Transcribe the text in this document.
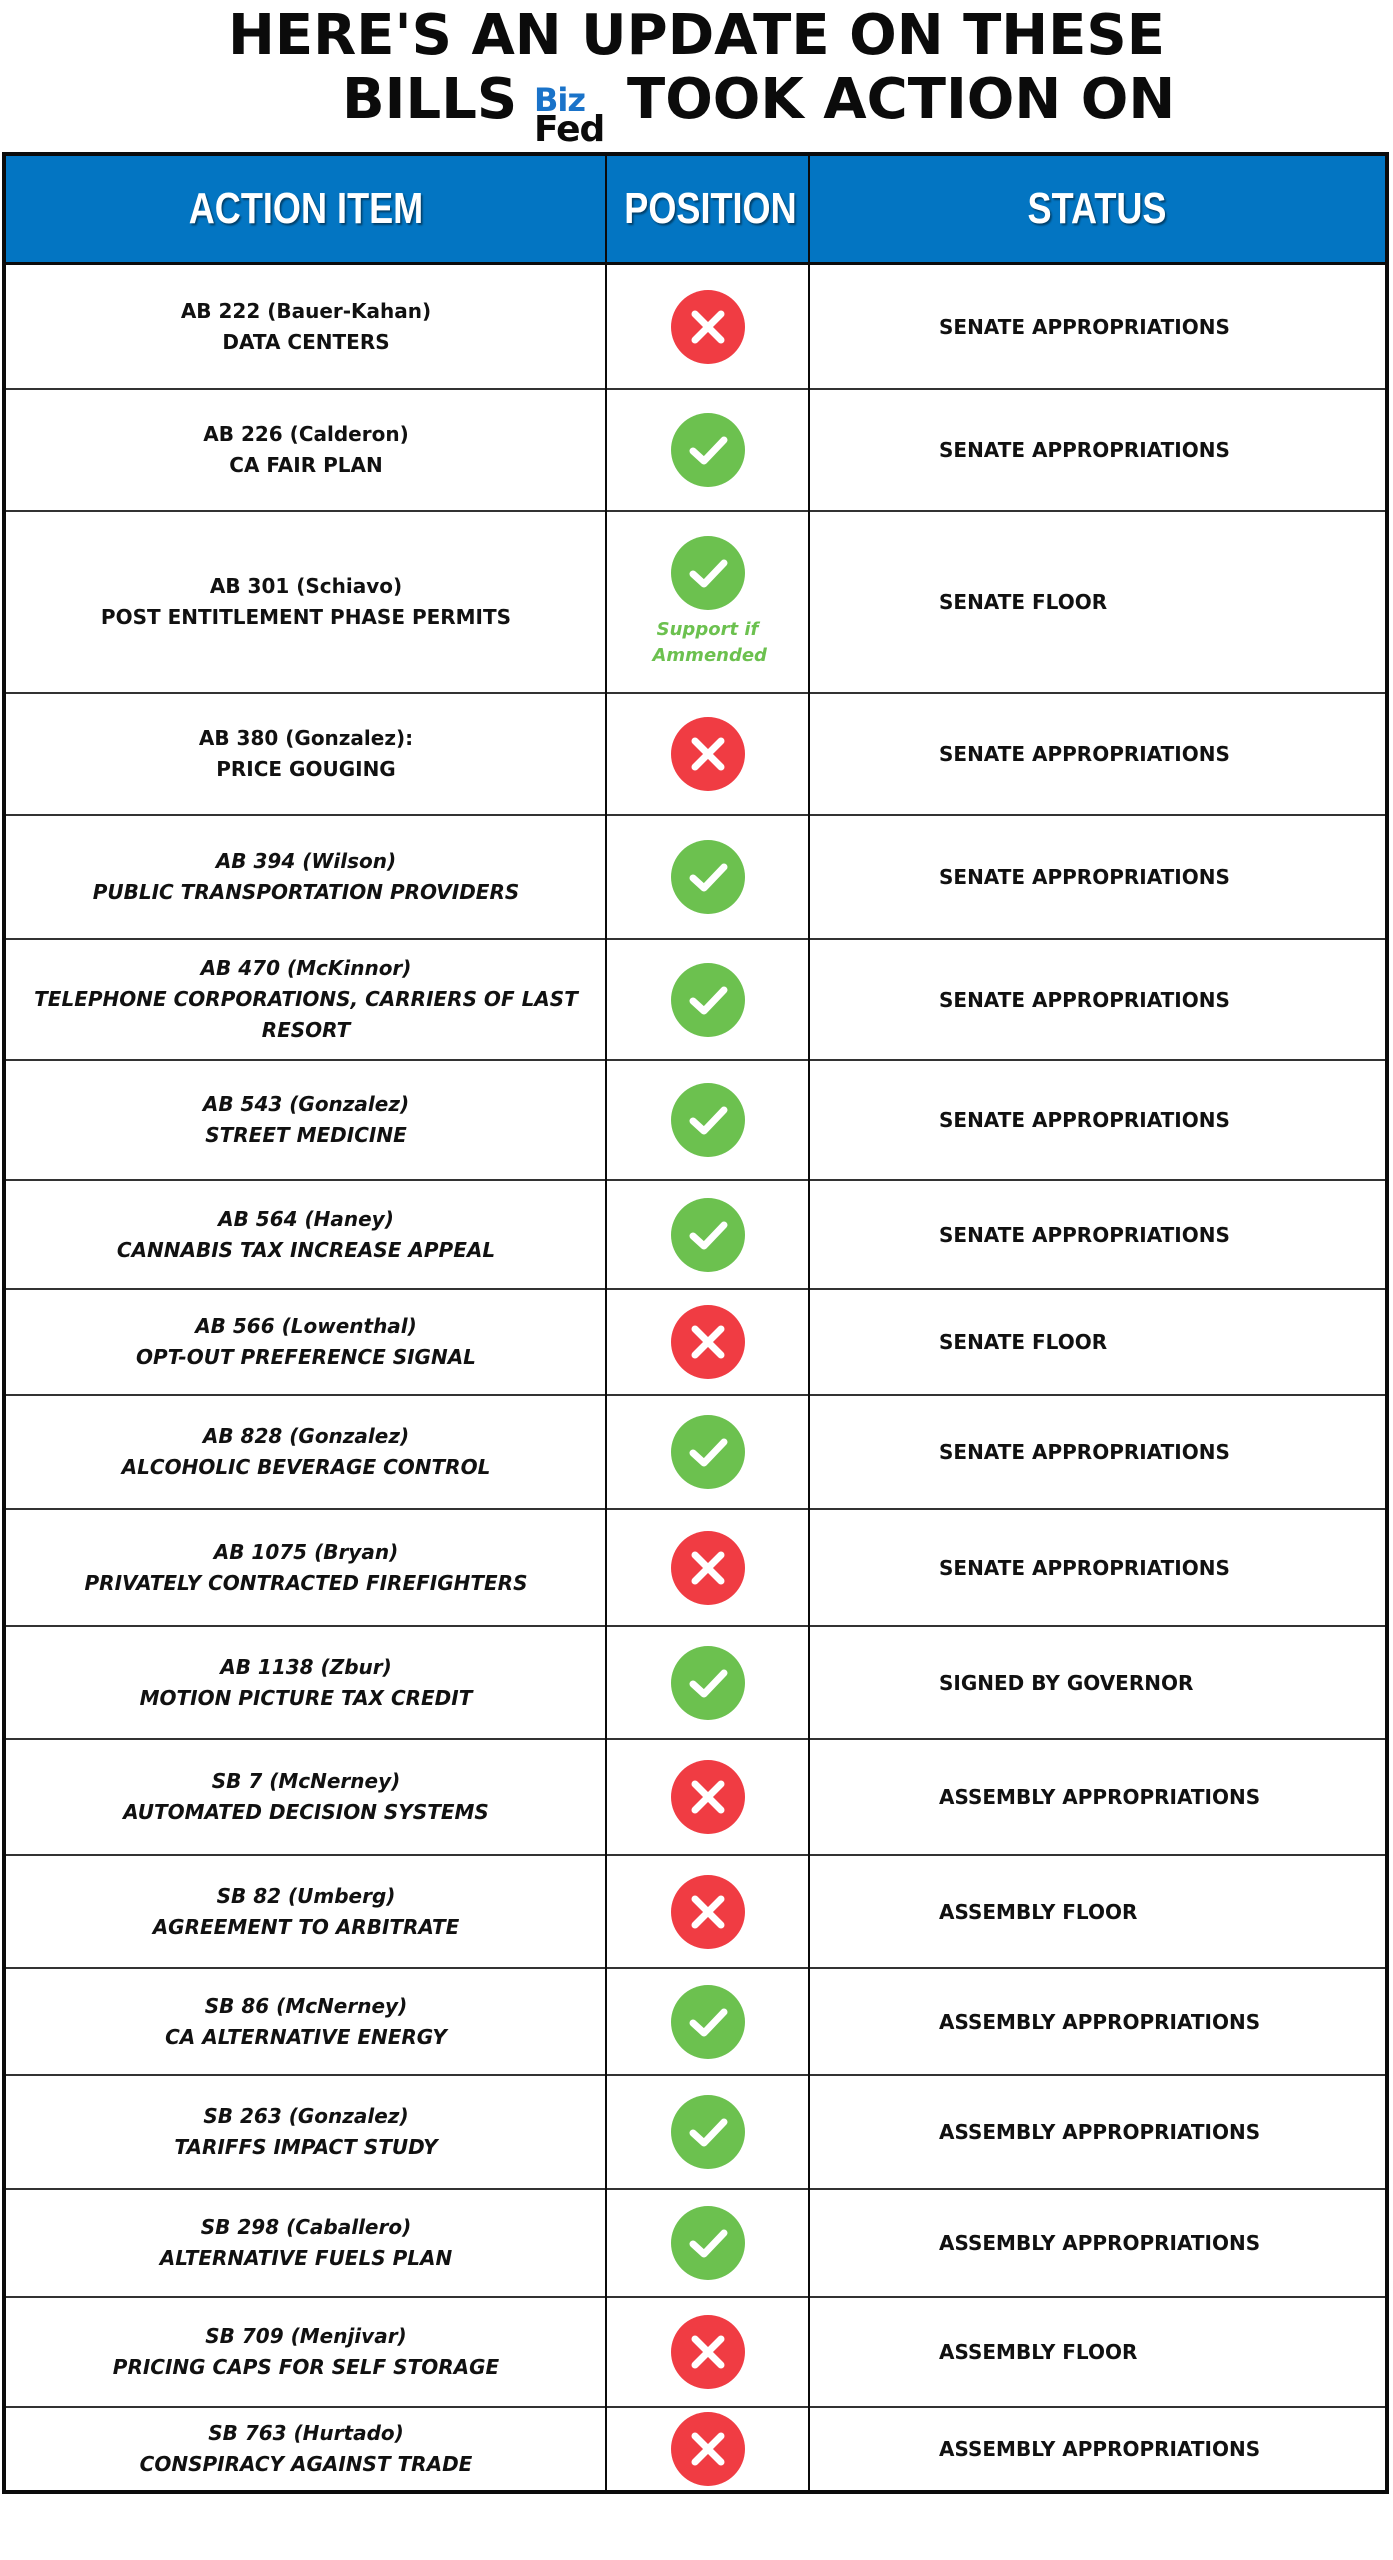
HERE'S AN UPDATE ON THESE
BILLS Biz
Fed TOOK ACTION ON
ACTION ITEM	POSITION	STATUS
AB 222 (Bauer-Kahan)
DATA CENTERS
SENATE APPROPRIATIONS
AB 226 (Calderon)
CA FAIR PLAN
SENATE APPROPRIATIONS
AB 301 (Schiavo)
POST ENTITLEMENT PHASE PERMITS
Support if Ammended
SENATE FLOOR
AB 380 (Gonzalez):
PRICE GOUGING
SENATE APPROPRIATIONS
AB 394 (Wilson)
PUBLIC TRANSPORTATION PROVIDERS
SENATE APPROPRIATIONS
AB 470 (McKinnor)
TELEPHONE CORPORATIONS, CARRIERS OF LAST RESORT
SENATE APPROPRIATIONS
AB 543 (Gonzalez)
STREET MEDICINE
SENATE APPROPRIATIONS
AB 564 (Haney)
CANNABIS TAX INCREASE APPEAL
SENATE APPROPRIATIONS
AB 566 (Lowenthal)
OPT-OUT PREFERENCE SIGNAL
SENATE FLOOR
AB 828 (Gonzalez)
ALCOHOLIC BEVERAGE CONTROL
SENATE APPROPRIATIONS
AB 1075 (Bryan)
PRIVATELY CONTRACTED FIREFIGHTERS
SENATE APPROPRIATIONS
AB 1138 (Zbur)
MOTION PICTURE TAX CREDIT
SIGNED BY GOVERNOR
SB 7 (McNerney)
AUTOMATED DECISION SYSTEMS
ASSEMBLY APPROPRIATIONS
SB 82 (Umberg)
AGREEMENT TO ARBITRATE
ASSEMBLY FLOOR
SB 86 (McNerney)
CA ALTERNATIVE ENERGY
ASSEMBLY APPROPRIATIONS
SB 263 (Gonzalez)
TARIFFS IMPACT STUDY
ASSEMBLY APPROPRIATIONS
SB 298 (Caballero)
ALTERNATIVE FUELS PLAN
ASSEMBLY APPROPRIATIONS
SB 709 (Menjivar)
PRICING CAPS FOR SELF STORAGE
ASSEMBLY FLOOR
SB 763 (Hurtado)
CONSPIRACY AGAINST TRADE
ASSEMBLY APPROPRIATIONS
